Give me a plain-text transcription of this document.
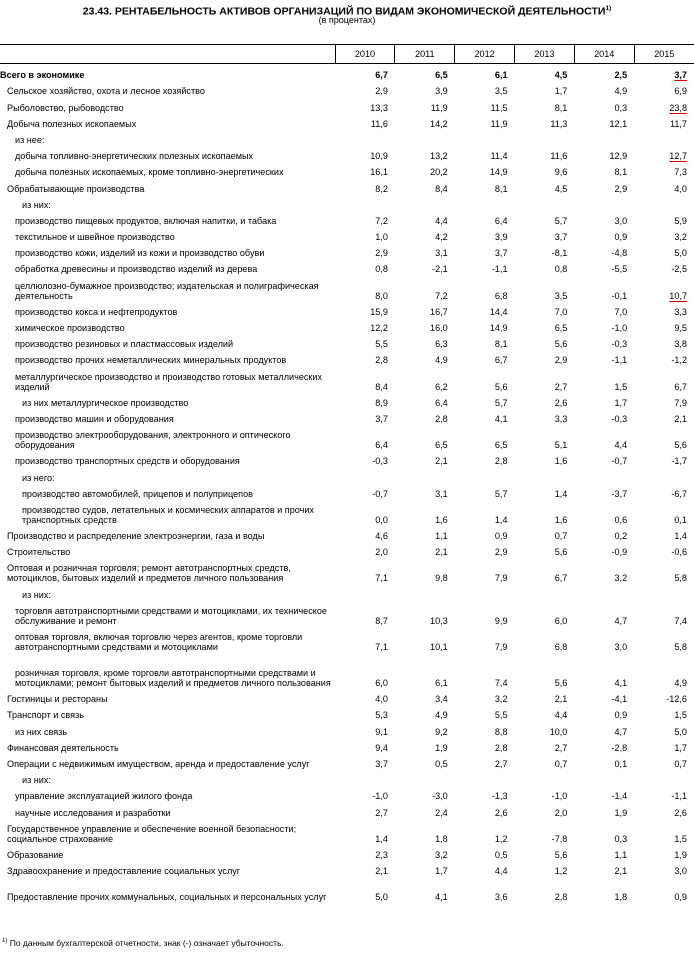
23.43. РЕНТАБЕЛЬНОСТЬ АКТИВОВ ОРГАНИЗАЦИЙ ПО ВИДАМ ЭКОНОМИЧЕСКОЙ ДЕЯТЕЛЬНОСТИ$^{1)}$
(в процентах)
	2010	2011	2012	2013	2014	2015
Всего в экономике	6,7	6,5	6,1	4,5	2,5	3,7
Сельское хозяйство, охота и лесное хозяйство	2,9	3,9	3,5	1,7	4,9	6,9
Рыболовство, рыбоводство	13,3	11,9	11,5	8,1	0,3	23,8
Добыча полезных ископаемых	11,6	14,2	11,9	11,3	12,1	11,7
из нее:						
добыча топливно-энергетических полезных ископаемых	10,9	13,2	11,4	11,6	12,9	12,7
добыча полезных ископаемых, кроме топливно-энергетических	16,1	20,2	14,9	9,6	8,1	7,3
Обрабатывающие производства	8,2	8,4	8,1	4,5	2,9	4,0
из них:						
производство пищевых продуктов, включая напитки, и табака	7,2	4,4	6,4	5,7	3,0	5,9
текстильное и швейное производство	1,0	4,2	3,9	3,7	0,9	3,2
производство кожи, изделий из кожи и производство обуви	2,9	3,1	3,7	-8,1	-4,8	5,0
обработка древесины и производство изделий из дерева	0,8	-2,1	-1,1	0,8	-5,5	-2,5
целлюлозно-бумажное производство; издательская и полиграфическая деятельность	8,0	7,2	6,8	3,5	-0,1	10,7
производство кокса и нефтепродуктов	15,9	16,7	14,4	7,0	7,0	3,3
химическое производство	12,2	16,0	14,9	6,5	-1,0	9,5
производство резиновых и пластмассовых изделий	5,5	6,3	8,1	5,6	-0,3	3,8
производство прочих неметаллических минеральных продуктов	2,8	4,9	6,7	2,9	-1,1	-1,2
металлургическое производство и производство готовых металлических изделий	8,4	6,2	5,6	2,7	1,5	6,7
из них металлургическое производство	8,9	6,4	5,7	2,6	1,7	7,9
производство машин и оборудования	3,7	2,8	4,1	3,3	-0,3	2,1
производство электрооборудования, электронного и оптического оборудования	6,4	6,5	6,5	5,1	4,4	5,6
производство транспортных средств и оборудования	-0,3	2,1	2,8	1,6	-0,7	-1,7
из него:						
производство автомобилей, прицепов и полуприцепов	-0,7	3,1	5,7	1,4	-3,7	-6,7
производство судов, летательных и космических аппаратов и прочих транспортных средств	0,0	1,6	1,4	1,6	0,6	0,1
Производство и распределение электроэнергии, газа и воды	4,6	1,1	0,9	0,7	0,2	1,4
Строительство	2,0	2,1	2,9	5,6	-0,9	-0,6
Оптовая и розничная торговля; ремонт автотранспортных средств, мотоциклов, бытовых изделий и предметов личного пользования	7,1	9,8	7,9	6,7	3,2	5,8
из них:						
торговля автотранспортными средствами и мотоциклами, их техническое обслуживание и ремонт	8,7	10,3	9,9	6,0	4,7	7,4
оптовая торговля, включая торговлю через агентов, кроме торговли автотранспортными средствами и мотоциклами	7,1	10,1	7,9	6,8	3,0	5,8
розничная торговля, кроме торговли автотранспортными средствами и мотоциклами; ремонт бытовых изделий и предметов личного пользования	6,0	6,1	7,4	5,6	4,1	4,9
Гостиницы и рестораны	4,0	3,4	3,2	2,1	-4,1	-12,6
Транспорт и связь	5,3	4,9	5,5	4,4	0,9	1,5
из них связь	9,1	9,2	8,8	10,0	4,7	5,0
Финансовая деятельность	9,4	1,9	2,8	2,7	-2,8	1,7
Операции с недвижимым имуществом, аренда и предоставление услуг	3,7	0,5	2,7	0,7	0,1	0,7
из них:						
управление эксплуатацией жилого фонда	-1,0	-3,0	-1,3	-1,0	-1,4	-1,1
научные исследования и разработки	2,7	2,4	2,6	2,0	1,9	2,6
Государственное управление и обеспечение военной безопасности; социальное страхование	1,4	1,8	1,2	-7,8	0,3	1,5
Образование	2,3	3,2	0,5	5,6	1,1	1,9
Здравоохранение и предоставление социальных услуг	2,1	1,7	4,4	1,2	2,1	3,0
Предоставление прочих коммунальных, социальных и персональных услуг	5,0	4,1	3,6	2,8	1,8	0,9
$^{1)}$ По данным бухгалтерской отчетности, знак (-) означает убыточность.
